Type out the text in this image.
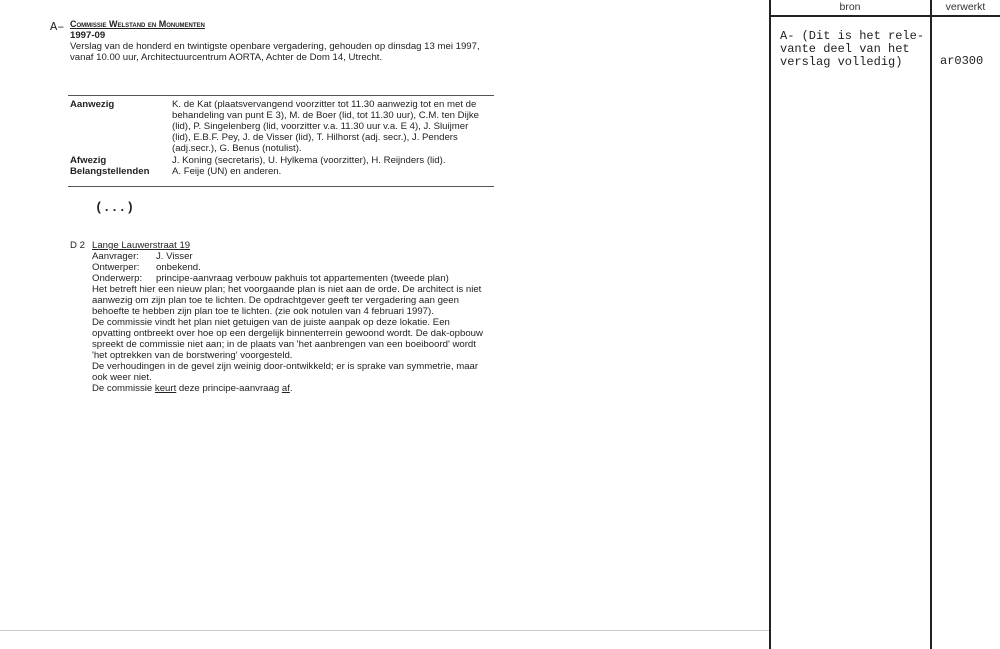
A– Commissie Welstand en Monumenten
1997-09
Verslag van de honderd en twintigste openbare vergadering, gehouden op dinsdag 13 mei 1997,
vanaf 10.00 uur, Architectuurcentrum AORTA, Achter de Dom 14, Utrecht.
Aanwezig	K. de Kat (plaatsvervangend voorzitter tot 11.30 aanwezig tot en met de
behandeling van punt E 3), M. de Boer (lid, tot 11.30 uur), C.M. ten Dijke
(lid), P. Singelenberg (lid, voorzitter v.a. 11.30 uur v.a. E 4), J. Sluijmer
(lid), E.B.F. Pey, J. de Visser (lid), T. Hilhorst (adj. secr.), J. Penders
(adj.secr.), G. Benus (notulist).
Afwezig	J. Koning (secretaris), U. Hylkema (voorzitter), H. Reijnders (lid).
Belangstellenden A. Feije (UN) en anderen.
(...)
D 2 Lange Lauwerstraat 19
Aanvrager: J. Visser
Ontwerper: onbekend.
Onderwerp: principe-aanvraag verbouw pakhuis tot appartementen (tweede plan)
Het betreft hier een nieuw plan; het voorgaande plan is niet aan de orde. De architect is niet
aanwezig om zijn plan toe te lichten. De opdrachtgever geeft ter vergadering aan geen
behoefte te hebben zijn plan toe te lichten. (zie ook notulen van 4 februari 1997).
De commissie vindt het plan niet getuigen van de juiste aanpak op deze lokatie. Een
opvatting ontbreekt over hoe op een dergelijk binnenterrein gewoond wordt. De dak-opbouw
spreekt de commissie niet aan; in de plaats van 'het aanbrengen van een boeiboord' wordt
'het optrekken van de borstwering' voorgesteld.
De verhoudingen in de gevel zijn weinig door-ontwikkeld; er is sprake van symmetrie, maar
ook weer niet.
De commissie keurt deze principe-aanvraag af.
bron	verwerkt
A- (Dit is het rele-
vante deel van het
verslag volledig)	ar0300
